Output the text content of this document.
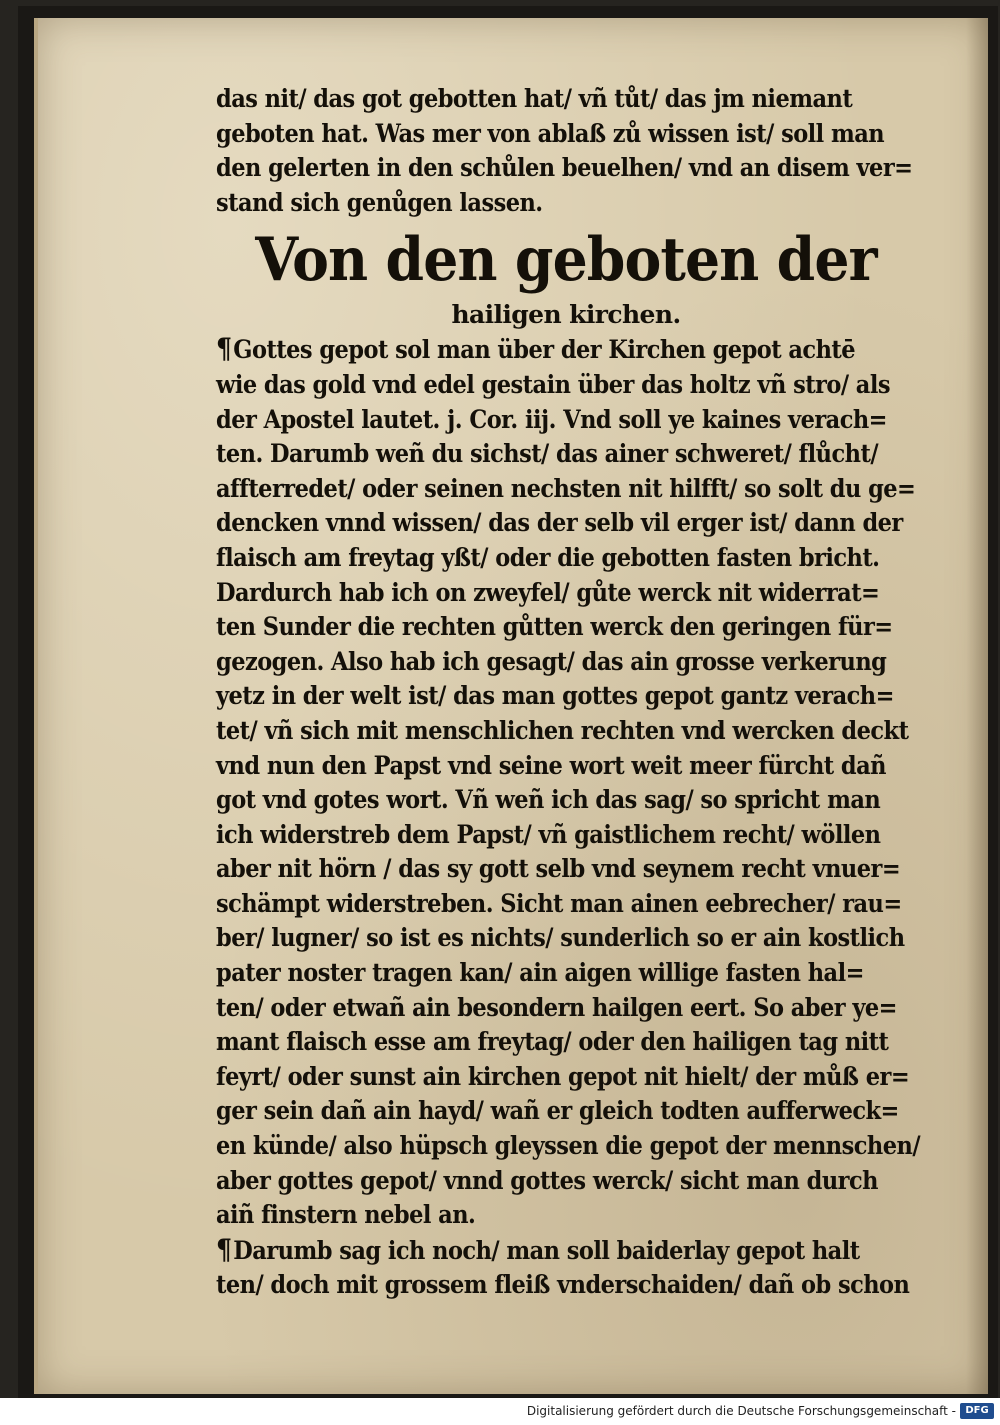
das nit/ das got gebotten hat/ vñ tůt/ das jm niemant
geboten hat. Was mer von ablaß zů wissen ist/ soll man
den gelerten in den schůlen beuelhen/ vnd an disem ver=
stand sich genůgen lassen.
Von den geboten der
hailigen kirchen.
¶Gottes gepot sol man über der Kirchen gepot achtē
wie das gold vnd edel gestain über das holtz vñ stro/ als
der Apostel lautet. j. Cor. iij. Vnd soll ye kaines verach=
ten. Darumb weñ du sichst/ das ainer schweret/ flůcht/
affterredet/ oder seinen nechsten nit hilfft/ so solt du ge=
dencken vnnd wissen/ das der selb vil erger ist/ dann der
flaisch am freytag yßt/ oder die gebotten fasten bricht.
Dardurch hab ich on zweyfel/ gůte werck nit widerrat=
ten Sunder die rechten gůtten werck den geringen für=
gezogen. Also hab ich gesagt/ das ain grosse verkerung
yetz in der welt ist/ das man gottes gepot gantz verach=
tet/ vñ sich mit menschlichen rechten vnd wercken deckt
vnd nun den Papst vnd seine wort weit meer fürcht dañ
got vnd gotes wort. Vñ weñ ich das sag/ so spricht man
ich widerstreb dem Papst/ vñ gaistlichem recht/ wöllen
aber nit hörn / das sy gott selb vnd seynem recht vnuer=
schämpt widerstreben. Sicht man ainen eebrecher/ rau=
ber/ lugner/ so ist es nichts/ sunderlich so er ain kostlich
pater noster tragen kan/ ain aigen willige fasten hal=
ten/ oder etwañ ain besondern hailgen eert. So aber ye=
mant flaisch esse am freytag/ oder den hailigen tag nitt
feyrt/ oder sunst ain kirchen gepot nit hielt/ der můß er=
ger sein dañ ain hayd/ wañ er gleich todten aufferweck=
en künde/ also hüpsch gleyssen die gepot der mennschen/
aber gottes gepot/ vnnd gottes werck/ sicht man durch
aiñ finstern nebel an.
¶Darumb sag ich noch/ man soll baiderlay gepot halt
ten/ doch mit grossem fleiß vnderschaiden/ dañ ob schon
Digitalisierung gefördert durch die Deutsche Forschungsgemeinschaft - DFG
